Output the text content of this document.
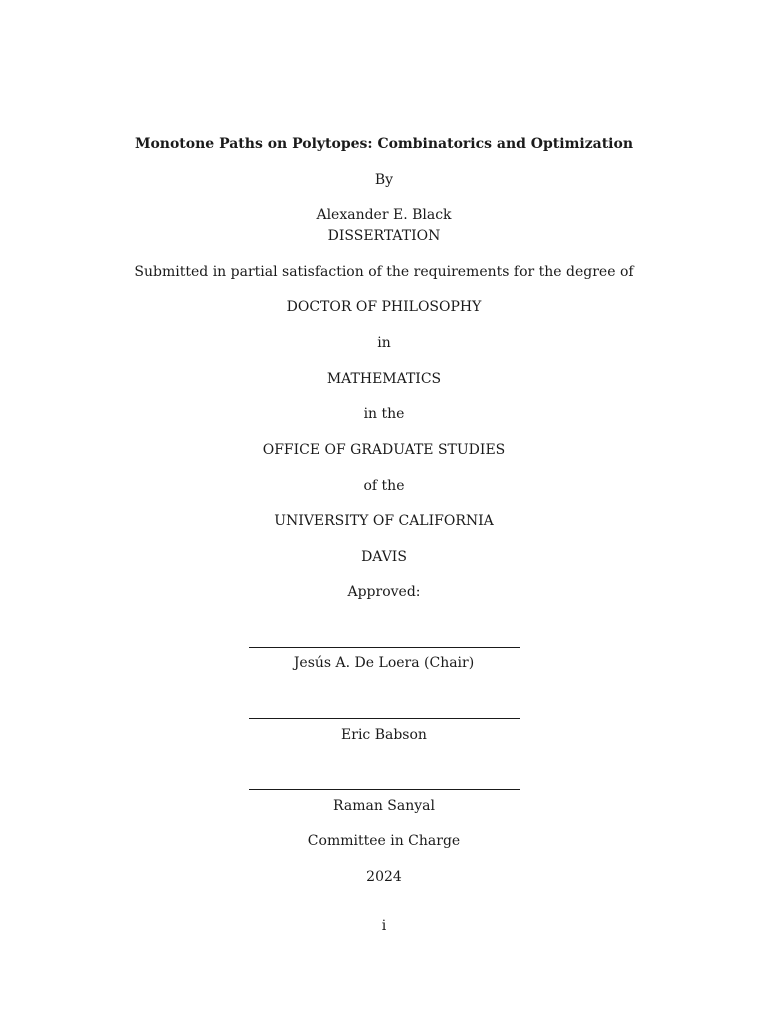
Monotone Paths on Polytopes: Combinatorics and Optimization
By
Alexander E. Black
DISSERTATION
Submitted in partial satisfaction of the requirements for the degree of
DOCTOR OF PHILOSOPHY
in
MATHEMATICS
in the
OFFICE OF GRADUATE STUDIES
of the
UNIVERSITY OF CALIFORNIA
DAVIS
Approved:
Jesús A. De Loera (Chair)
Eric Babson
Raman Sanyal
Committee in Charge
2024
i
